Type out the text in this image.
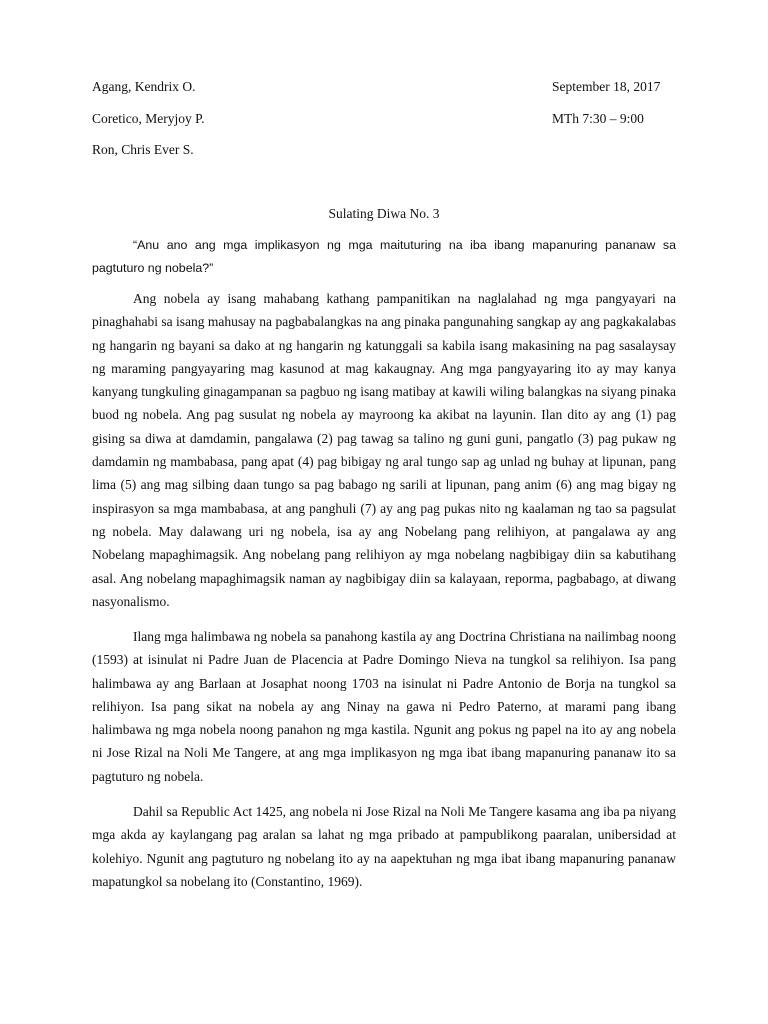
Agang, Kendrix O.	September 18, 2017
Coretico, Meryjoy P.	MTh 7:30 – 9:00
Ron, Chris Ever S.
Sulating Diwa No. 3

“Anu ano ang mga implikasyon ng mga maituturing na iba ibang mapanuring pananaw sa pagtuturo ng nobela?”

Ang nobela ay isang mahabang kathang pampanitikan na naglalahad ng mga pangyayari na pinaghahabi sa isang mahusay na pagbabalangkas na ang pinaka pangunahing sangkap ay ang pagkakalabas ng hangarin ng bayani sa dako at ng hangarin ng katunggali sa kabila isang makasining na pag sasalaysay ng maraming pangyayaring mag kasunod at mag kakaugnay. Ang mga pangyayaring ito ay may kanya kanyang tungkuling ginagampanan sa pagbuo ng isang matibay at kawili wiling balangkas na siyang pinaka buod ng nobela. Ang pag susulat ng nobela ay mayroong ka akibat na layunin. Ilan dito ay ang (1) pag gising sa diwa at damdamin, pangalawa (2) pag tawag sa talino ng guni guni, pangatlo (3) pag pukaw ng damdamin ng mambabasa, pang apat (4) pag bibigay ng aral tungo sap ag unlad ng buhay at lipunan, pang lima (5) ang mag silbing daan tungo sa pag babago ng sarili at lipunan, pang anim (6) ang mag bigay ng inspirasyon sa mga mambabasa, at ang panghuli (7) ay ang pag pukas nito ng kaalaman ng tao sa pagsulat ng nobela. May dalawang uri ng nobela, isa ay ang Nobelang pang relihiyon, at pangalawa ay ang Nobelang mapaghimagsik. Ang nobelang pang relihiyon ay mga nobelang nagbibigay diin sa kabutihang asal. Ang nobelang mapaghimagsik naman ay nagbibigay diin sa kalayaan, reporma, pagbabago, at diwang nasyonalismo.

Ilang mga halimbawa ng nobela sa panahong kastila ay ang Doctrina Christiana na nailimbag noong (1593) at isinulat ni Padre Juan de Placencia at Padre Domingo Nieva na tungkol sa relihiyon. Isa pang halimbawa ay ang Barlaan at Josaphat noong 1703 na isinulat ni Padre Antonio de Borja na tungkol sa relihiyon. Isa pang sikat na nobela ay ang Ninay na gawa ni Pedro Paterno, at marami pang ibang halimbawa ng mga nobela noong panahon ng mga kastila. Ngunit ang pokus ng papel na ito ay ang nobela ni Jose Rizal na Noli Me Tangere, at ang mga implikasyon ng mga ibat ibang mapanuring pananaw ito sa pagtuturo ng nobela.

Dahil sa Republic Act 1425, ang nobela ni Jose Rizal na Noli Me Tangere kasama ang iba pa niyang mga akda ay kaylangang pag aralan sa lahat ng mga pribado at pampublikong paaralan, unibersidad at kolehiyo. Ngunit ang pagtuturo ng nobelang ito ay na aapektuhan ng mga ibat ibang mapanuring pananaw mapatungkol sa nobelang ito (Constantino, 1969).
